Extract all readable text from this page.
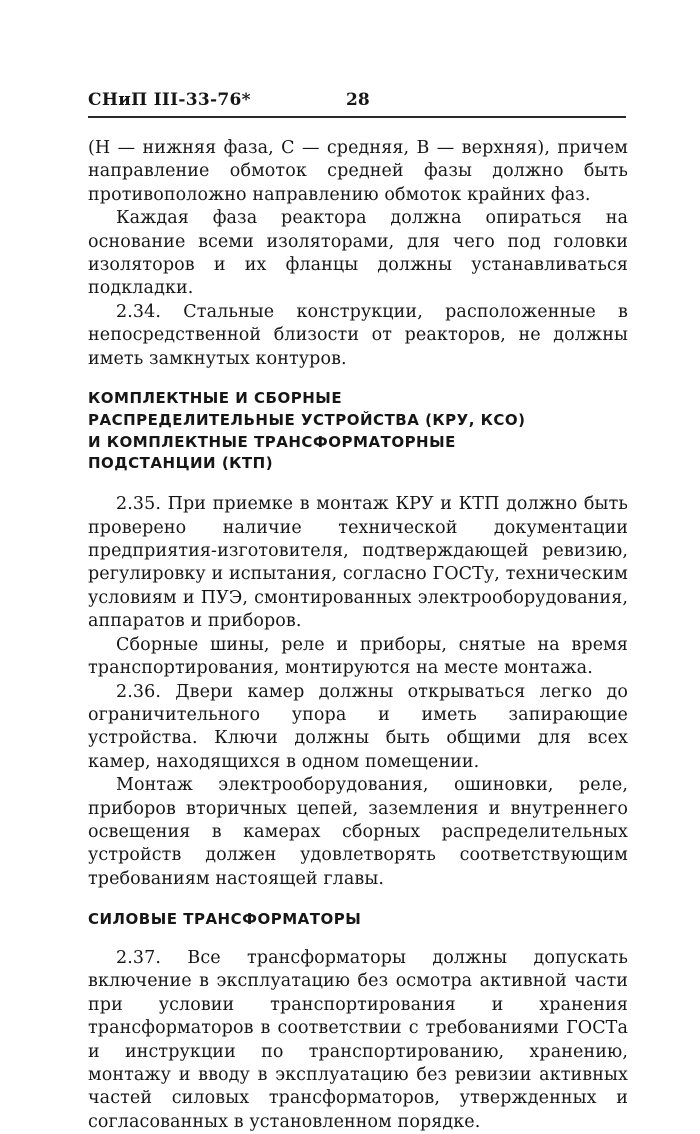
СНиП III-33-76*	28

(Н — нижняя фаза, С — средняя, В — верхняя), причем направление обмоток средней фазы должно быть противоположно направлению обмоток крайних фаз.

Каждая фаза реактора должна опираться на основание всеми изоляторами, для чего под головки изоляторов и их фланцы должны устанавливаться подкладки.

2.34. Стальные конструкции, расположенные в непосредственной близости от реакторов, не должны иметь замкнутых контуров.

КОМПЛЕКТНЫЕ И СБОРНЫЕ
РАСПРЕДЕЛИТЕЛЬНЫЕ УСТРОЙСТВА (КРУ, КСО)
И КОМПЛЕКТНЫЕ ТРАНСФОРМАТОРНЫЕ
ПОДСТАНЦИИ (КТП)

2.35. При приемке в монтаж КРУ и КТП должно быть проверено наличие технической документации предприятия-изготовителя, подтверждающей ревизию, регулировку и испытания, согласно ГОСТу, техническим условиям и ПУЭ, смонтированных электрооборудования, аппаратов и приборов.

Сборные шины, реле и приборы, снятые на время транспортирования, монтируются на месте монтажа.

2.36. Двери камер должны открываться легко до ограничительного упора и иметь запирающие устройства. Ключи должны быть общими для всех камер, находящихся в одном помещении.

Монтаж электрооборудования, ошиновки, реле, приборов вторичных цепей, заземления и внутреннего освещения в камерах сборных распределительных устройств должен удовлетворять соответствующим требованиям настоящей главы.

СИЛОВЫЕ ТРАНСФОРМАТОРЫ

2.37. Все трансформаторы должны допускать включение в эксплуатацию без осмотра активной части при условии транспортирования и хранения трансформаторов в соответствии с требованиями ГОСТа и инструкции по транспортированию, хранению, монтажу и вводу в эксплуатацию без ревизии активных частей силовых трансформаторов, утвержденных и согласованных в установленном порядке.
